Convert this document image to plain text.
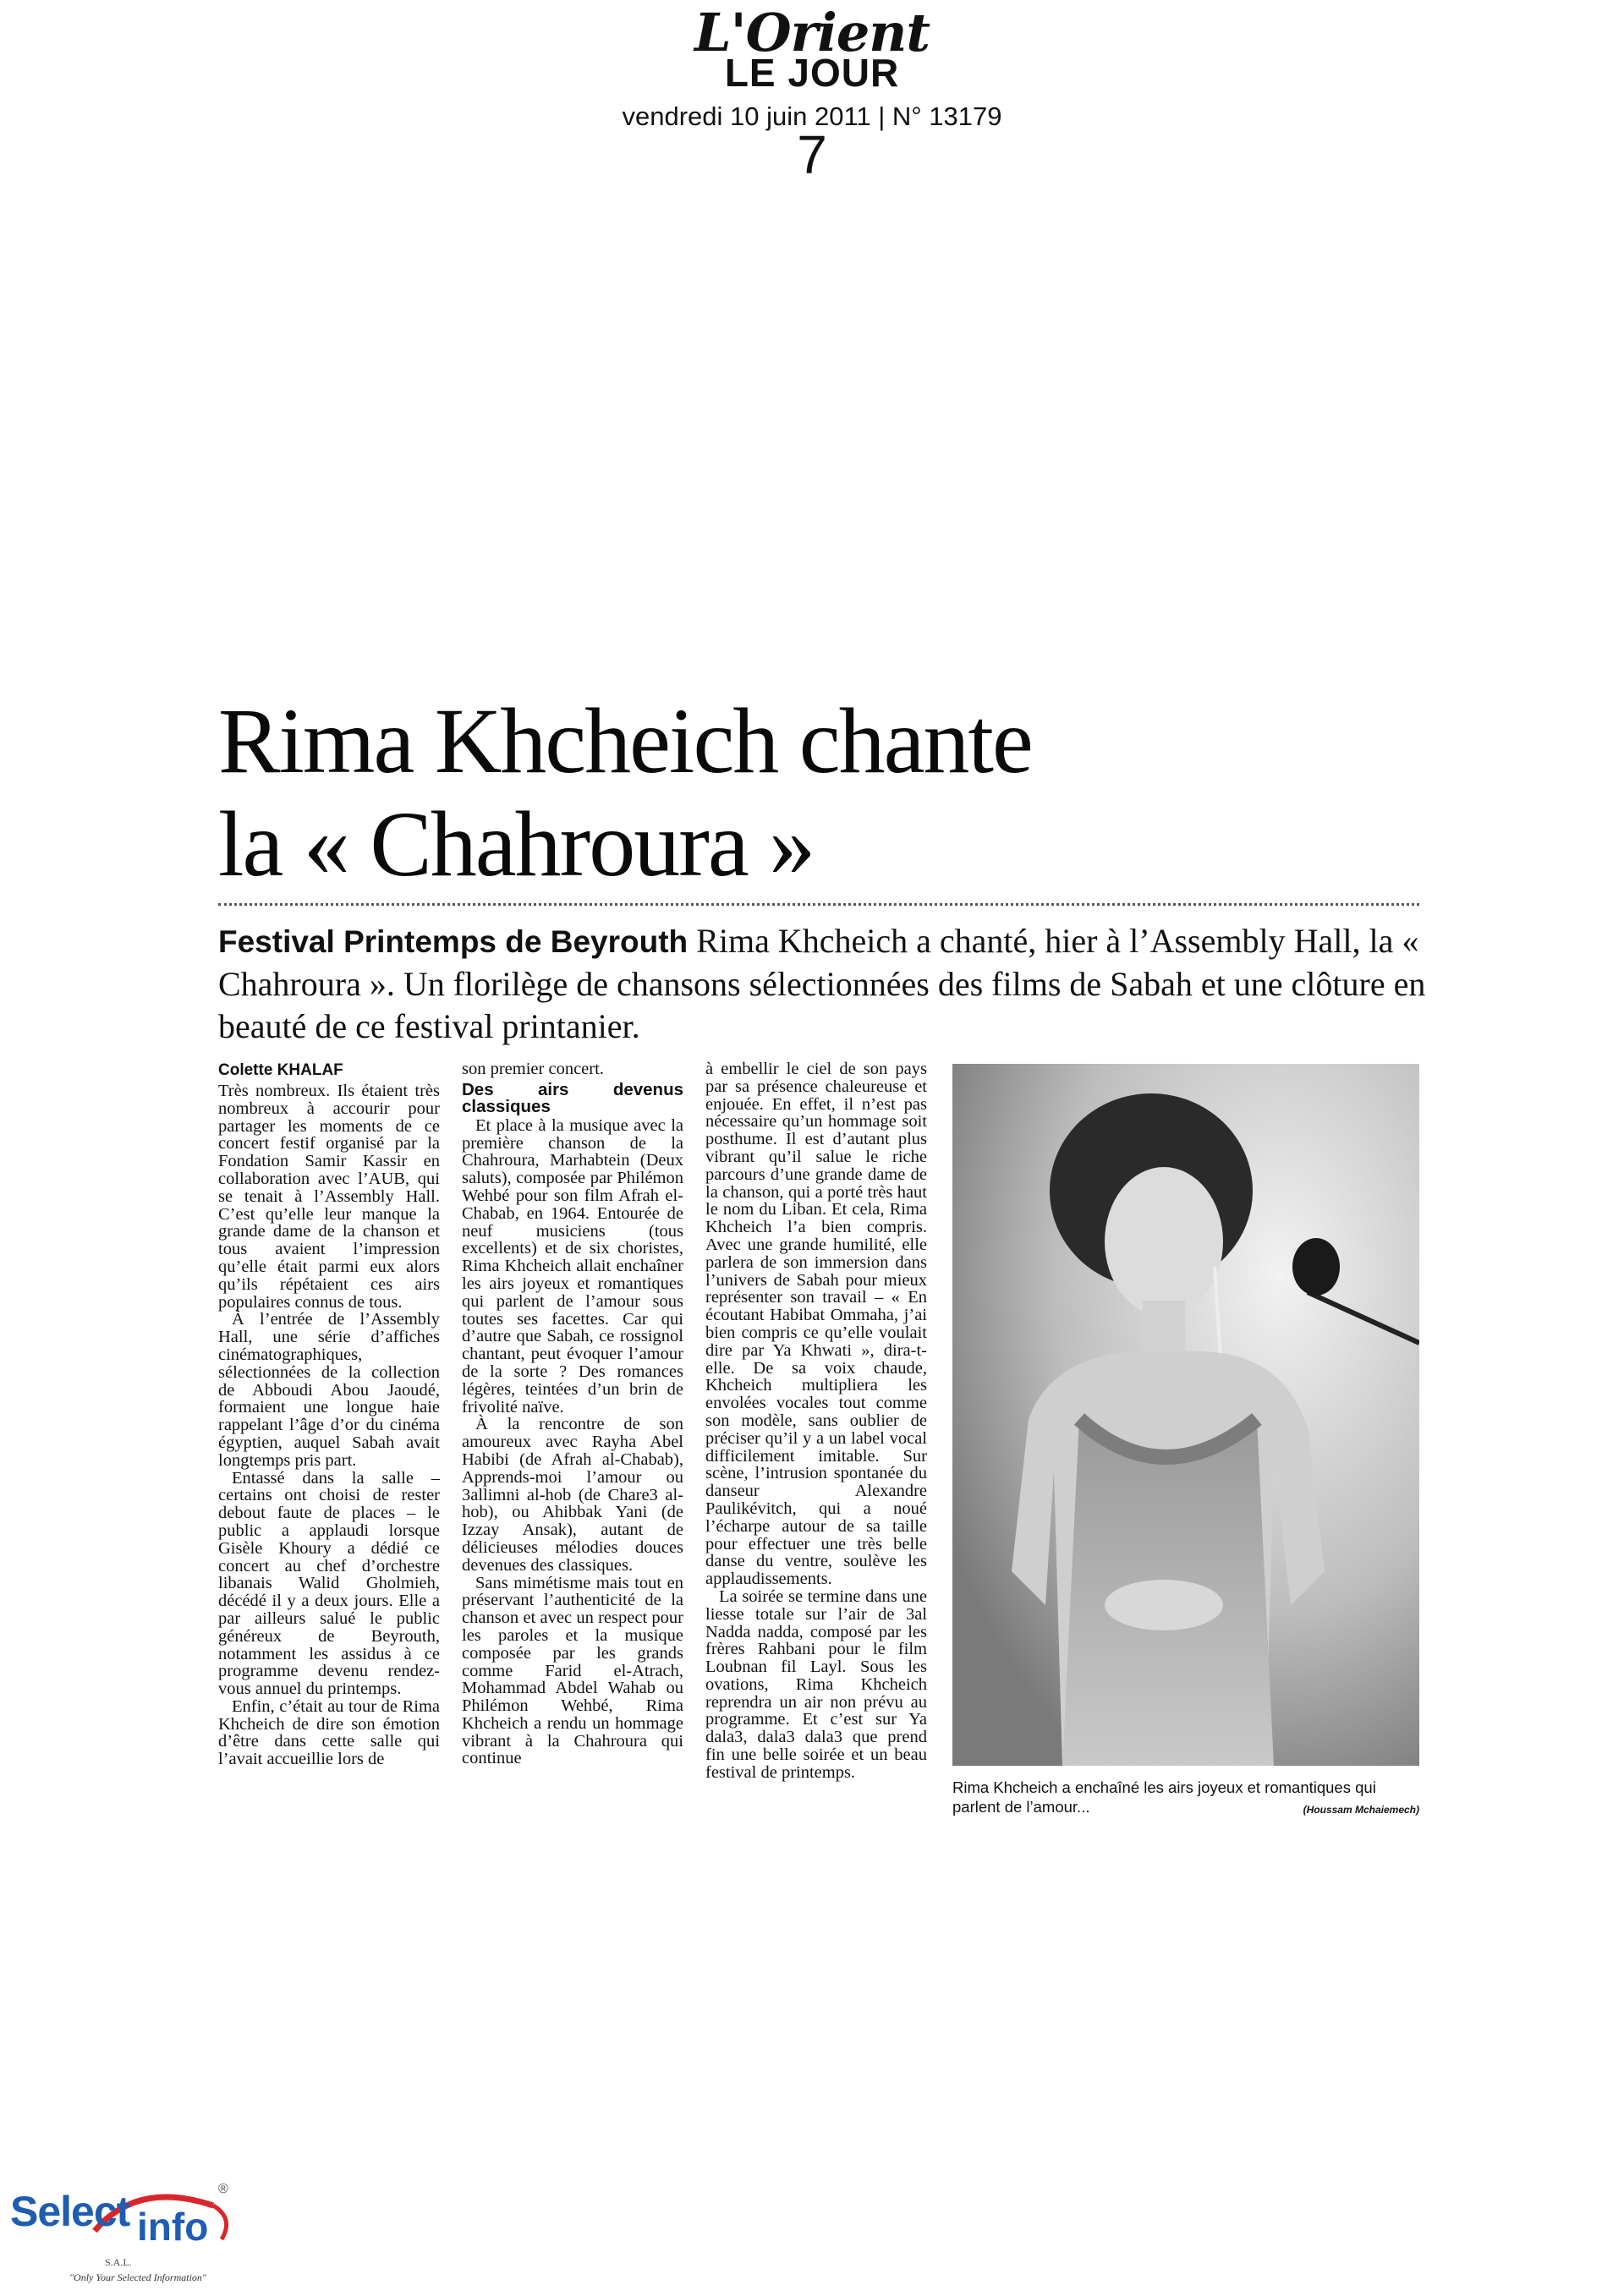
L'Orient
LE JOUR
vendredi 10 juin 2011 | N° 13179
7
Rima Khcheich chante
la « Chahroura »
Festival Printemps de Beyrouth Rima Khcheich a chanté, hier à l’Assembly Hall, la « Chahroura ». Un florilège de chansons sélectionnées des films de Sabah et une clôture en beauté de ce festival printanier.
Colette KHALAF

Très nombreux. Ils étaient très nombreux à accourir pour partager les moments de ce concert festif organisé par la Fondation Samir Kassir en collaboration avec l’AUB, qui se tenait à l’Assembly Hall. C’est qu’elle leur manque la grande dame de la chanson et tous avaient l’impression qu’elle était parmi eux alors qu’ils répétaient ces airs populaires connus de tous.

À l’entrée de l’Assembly Hall, une série d’affiches cinématographiques, sélectionnées de la collection de Abboudi Abou Jaoudé, formaient une longue haie rappelant l’âge d’or du cinéma égyptien, auquel Sabah avait longtemps pris part.

Entassé dans la salle – certains ont choisi de rester debout faute de places – le public a applaudi lorsque Gisèle Khoury a dédié ce concert au chef d’orchestre libanais Walid Gholmieh, décédé il y a deux jours. Elle a par ailleurs salué le public généreux de Beyrouth, notamment les assidus à ce programme devenu rendez-vous annuel du printemps.

Enfin, c’était au tour de Rima Khcheich de dire son émotion d’être dans cette salle qui l’avait accueillie lors de

son premier concert.

Des airs devenus classiques

Et place à la musique avec la première chanson de la Chahroura, Marhabtein (Deux saluts), composée par Philémon Wehbé pour son film Afrah el-Chabab, en 1964. Entourée de neuf musiciens (tous excellents) et de six choristes, Rima Khcheich allait enchaîner les airs joyeux et romantiques qui parlent de l’amour sous toutes ses facettes. Car qui d’autre que Sabah, ce rossignol chantant, peut évoquer l’amour de la sorte ? Des romances légères, teintées d’un brin de frivolité naïve.

À la rencontre de son amoureux avec Rayha Abel Habibi (de Afrah al-Chabab), Apprends-moi l’amour ou 3allimni al-hob (de Chare3 al-hob), ou Ahibbak Yani (de Izzay Ansak), autant de délicieuses mélodies douces devenues des classiques.

Sans mimétisme mais tout en préservant l’authenticité de la chanson et avec un respect pour les paroles et la musique composée par les grands comme Farid el-Atrach, Mohammad Abdel Wahab ou Philémon Wehbé, Rima Khcheich a rendu un hommage vibrant à la Chahroura qui continue

à embellir le ciel de son pays par sa présence chaleureuse et enjouée. En effet, il n’est pas nécessaire qu’un hommage soit posthume. Il est d’autant plus vibrant qu’il salue le riche parcours d’une grande dame de la chanson, qui a porté très haut le nom du Liban. Et cela, Rima Khcheich l’a bien compris. Avec une grande humilité, elle parlera de son immersion dans l’univers de Sabah pour mieux représenter son travail – « En écoutant Habibat Ommaha, j’ai bien compris ce qu’elle voulait dire par Ya Khwati », dira-t-elle. De sa voix chaude, Khcheich multipliera les envolées vocales tout comme son modèle, sans oublier de préciser qu’il y a un label vocal difficilement imitable. Sur scène, l’intrusion spontanée du danseur Alexandre Paulikévitch, qui a noué l’écharpe autour de sa taille pour effectuer une très belle danse du ventre, soulève les applaudissements.

La soirée se termine dans une liesse totale sur l’air de 3al Nadda nadda, composé par les frères Rahbani pour le film Loubnan fil Layl. Sous les ovations, Rima Khcheich reprendra un air non prévu au programme. Et c’est sur Ya dala3, dala3 dala3 que prend fin une belle soirée et un beau festival de printemps.

Rima Khcheich a enchaîné les airs joyeux et romantiques qui parlent de l’amour...	(Houssam Mchaiemech)
Select info
®
S.A.L.
"Only Your Selected Information"
